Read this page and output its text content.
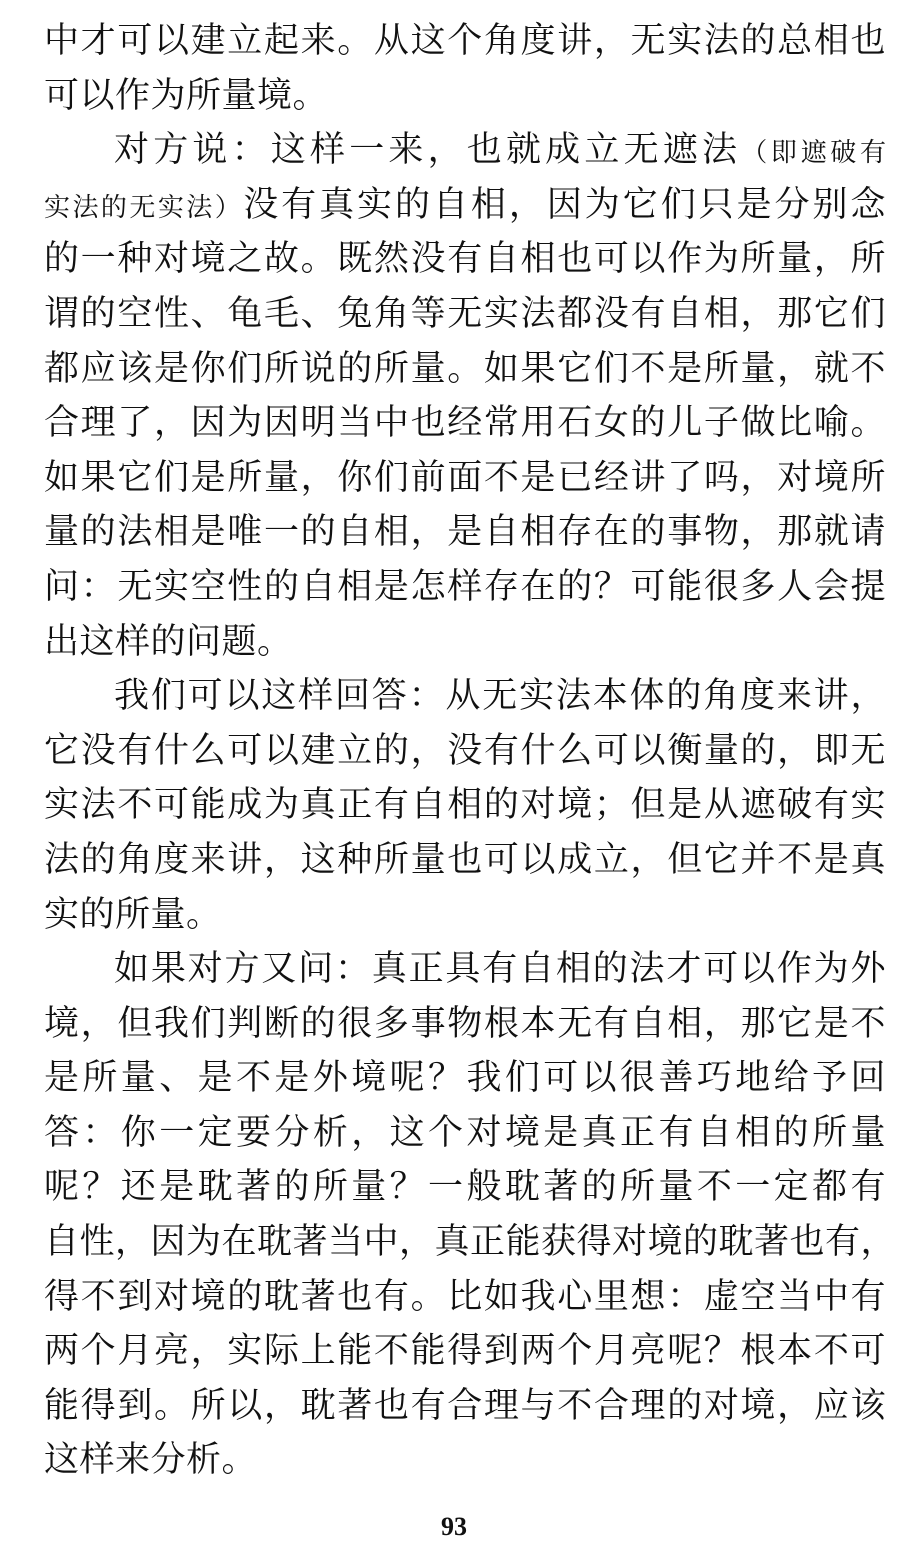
中才可以建立起来。从这个角度讲，无实法的总相也
可以作为所量境。
对方说：这样一来，也就成立无遮法（即遮破有
实法的无实法）没有真实的自相，因为它们只是分别念
的一种对境之故。既然没有自相也可以作为所量，所
谓的空性、龟毛、兔角等无实法都没有自相，那它们
都应该是你们所说的所量。如果它们不是所量，就不
合理了，因为因明当中也经常用石女的儿子做比喻。
如果它们是所量，你们前面不是已经讲了吗，对境所
量的法相是唯一的自相，是自相存在的事物，那就请
问：无实空性的自相是怎样存在的？可能很多人会提
出这样的问题。
我们可以这样回答：从无实法本体的角度来讲，
它没有什么可以建立的，没有什么可以衡量的，即无
实法不可能成为真正有自相的对境；但是从遮破有实
法的角度来讲，这种所量也可以成立，但它并不是真
实的所量。
如果对方又问：真正具有自相的法才可以作为外
境，但我们判断的很多事物根本无有自相，那它是不
是所量、是不是外境呢？我们可以很善巧地给予回
答：你一定要分析，这个对境是真正有自相的所量
呢？还是耽著的所量？一般耽著的所量不一定都有
自性，因为在耽著当中，真正能获得对境的耽著也有，
得不到对境的耽著也有。比如我心里想：虚空当中有
两个月亮，实际上能不能得到两个月亮呢？根本不可
能得到。所以，耽著也有合理与不合理的对境，应该
这样来分析。
93
